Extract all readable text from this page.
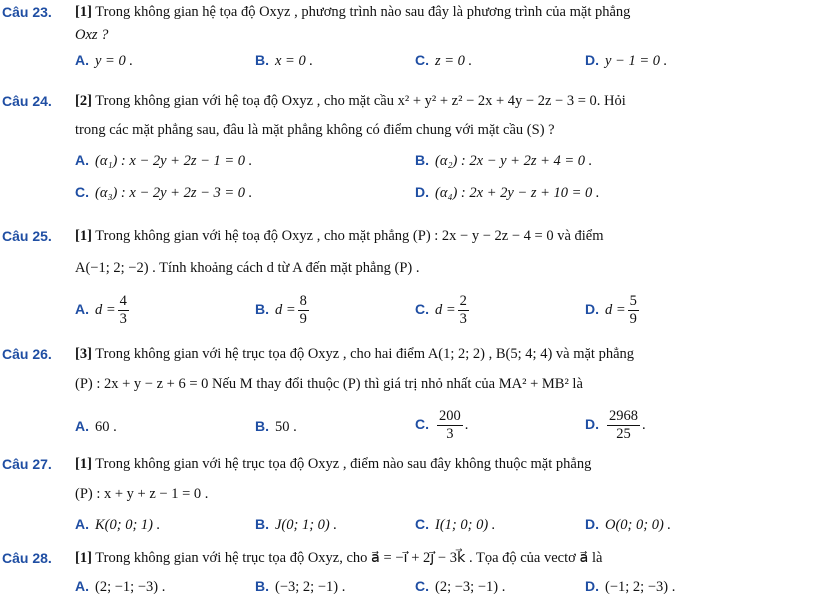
Câu 23. [1] Trong không gian hệ tọa độ Oxyz , phương trình nào sau đây là phương trình của mặt phẳng
Oxz ?
A. y = 0 .	B. x = 0 .	C. z = 0 .	D. y − 1 = 0 .
Câu 24. [2] Trong không gian với hệ toạ độ Oxyz , cho mặt cầu x² + y² + z² − 2x + 4y − 2z − 3 = 0. Hỏi
trong các mặt phẳng sau, đâu là mặt phẳng không có điểm chung với mặt cầu (S) ?
A. (α₁) : x − 2y + 2z − 1 = 0 .	B. (α₂) : 2x − y + 2z + 4 = 0 .
C. (α₃) : x − 2y + 2z − 3 = 0 .	D. (α₄) : 2x + 2y − z + 10 = 0 .
Câu 25. [1] Trong không gian với hệ toạ độ Oxyz , cho mặt phẳng (P) : 2x − y − 2z − 4 = 0 và điểm
A(−1; 2; −2) . Tính khoảng cách d từ A đến mặt phẳng (P) .
A. $d = \frac{4}{3}$	B. $d = \frac{8}{9}$	C. $d = \frac{2}{3}$	D. $d = \frac{5}{9}$
Câu 26. [3] Trong không gian với hệ trục tọa độ Oxyz , cho hai điểm A(1; 2; 2) , B(5; 4; 4) và mặt phẳng
(P) : 2x + y − z + 6 = 0 Nếu M thay đổi thuộc (P) thì giá trị nhỏ nhất của MA² + MB² là
A. 60 .	B. 50 .	C. $\frac{200}{3}$ .	D. $\frac{2968}{25}$ .
Câu 27. [1] Trong không gian với hệ trục tọa độ Oxyz , điểm nào sau đây không thuộc mặt phẳng
(P) : x + y + z − 1 = 0 .
A. K(0; 0; 1) .	B. J(0; 1; 0) .	C. I(1; 0; 0) .	D. O(0; 0; 0) .
Câu 28. [1] Trong không gian với hệ trục tọa độ Oxyz, cho a⃗ = −i⃗ + 2j⃗ − 3k⃗ . Tọa độ của vectơ a⃗ là
A. (2; −1; −3) .	B. (−3; 2; −1) .	C. (2; −3; −1) .	D. (−1; 2; −3) .
